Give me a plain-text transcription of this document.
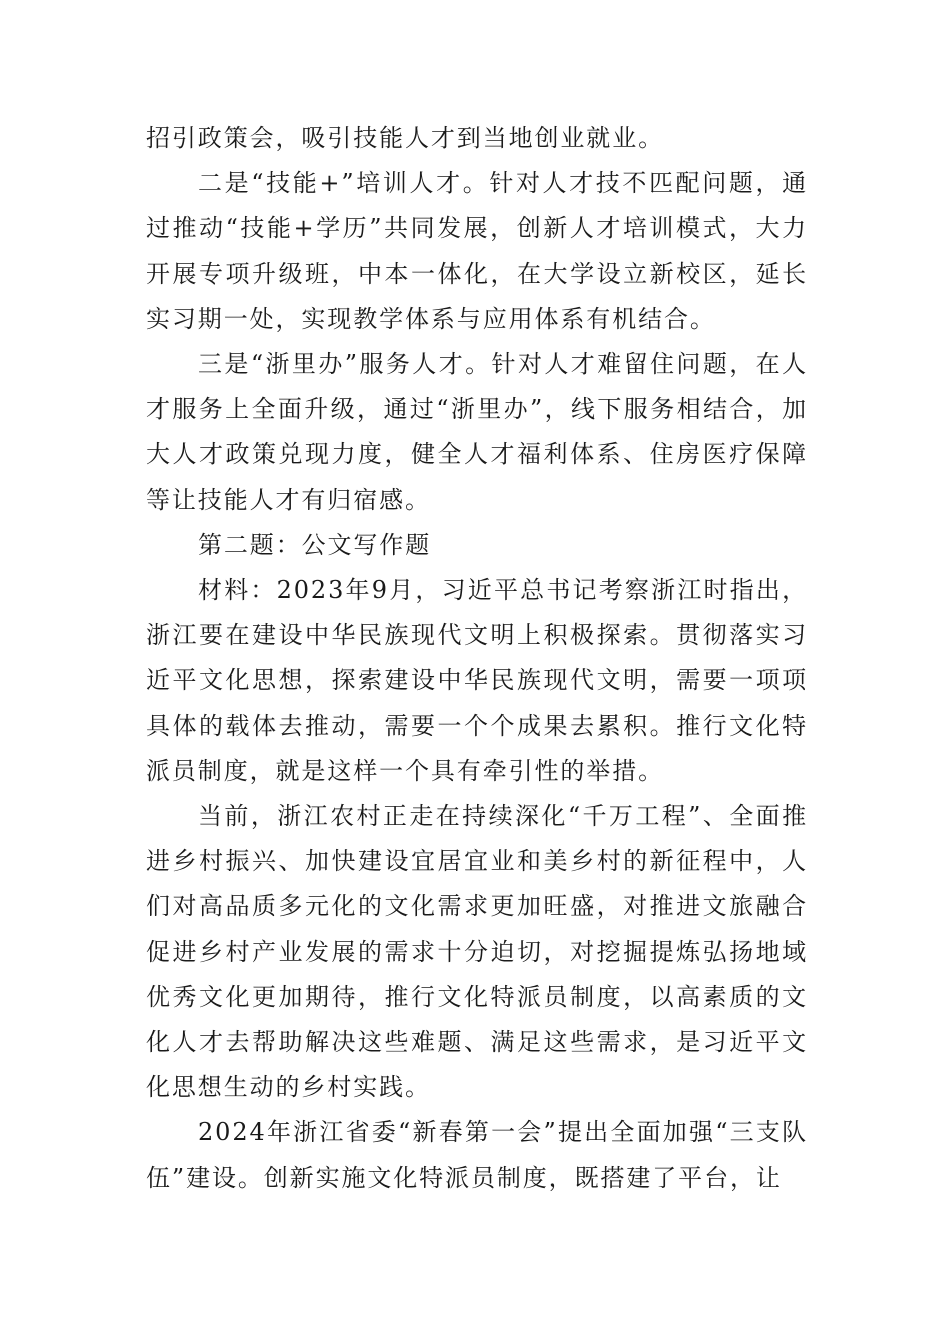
招引政策会，吸引技能人才到当地创业就业。

二是“技能+”培训人才。针对人才技不匹配问题，通过推动“技能+学历”共同发展，创新人才培训模式，大力开展专项升级班，中本一体化，在大学设立新校区，延长实习期一处，实现教学体系与应用体系有机结合。

三是“浙里办”服务人才。针对人才难留住问题，在人才服务上全面升级，通过“浙里办”，线下服务相结合，加大人才政策兑现力度，健全人才福利体系、住房医疗保障等让技能人才有归宿感。

第二题：公文写作题

材料：2023年9月，习近平总书记考察浙江时指出，浙江要在建设中华民族现代文明上积极探索。贯彻落实习近平文化思想，探索建设中华民族现代文明，需要一项项具体的载体去推动，需要一个个成果去累积。推行文化特派员制度，就是这样一个具有牵引性的举措。

当前，浙江农村正走在持续深化“千万工程”、全面推进乡村振兴、加快建设宜居宜业和美乡村的新征程中，人们对高品质多元化的文化需求更加旺盛，对推进文旅融合促进乡村产业发展的需求十分迫切，对挖掘提炼弘扬地域优秀文化更加期待，推行文化特派员制度，以高素质的文化人才去帮助解决这些难题、满足这些需求，是习近平文化思想生动的乡村实践。

2024年浙江省委“新春第一会”提出全面加强“三支队伍”建设。创新实施文化特派员制度，既搭建了平台，让
